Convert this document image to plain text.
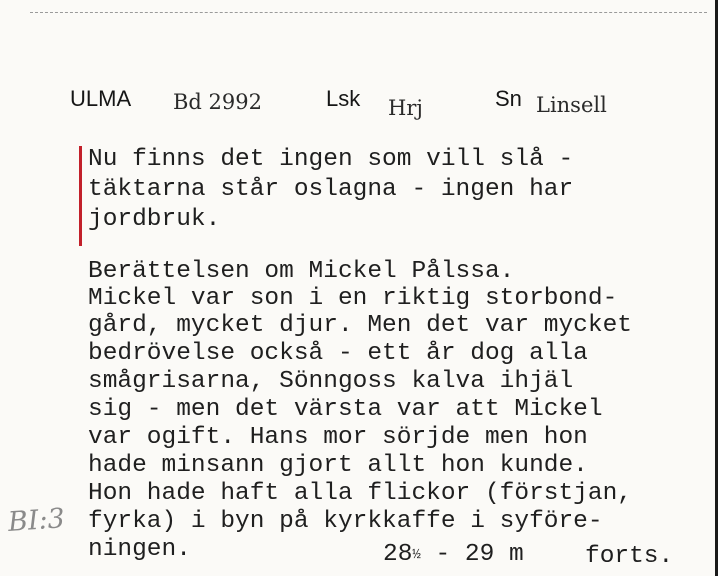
ULMA Bd 2992	Lsk Hrj	Sn Linsell
Nu finns det ingen som vill slå -
täktarna står oslagna - ingen har
jordbruk.
Berättelsen om Mickel Pålssa.
Mickel var son i en riktig storbond-
gård, mycket djur. Men det var mycket
bedrövelse också - ett år dog alla
smågrisarna, Sönngoss kalva ihjäl
sig - men det värsta var att Mickel
var ogift. Hans mor sörjde men hon
hade minsann gjort allt hon kunde.
Hon hade haft alla flickor (förstjan,
fyrka) i byn på kyrkkaffe i syföre-
ningen.	28½ - 29 m	forts.
BI:3
